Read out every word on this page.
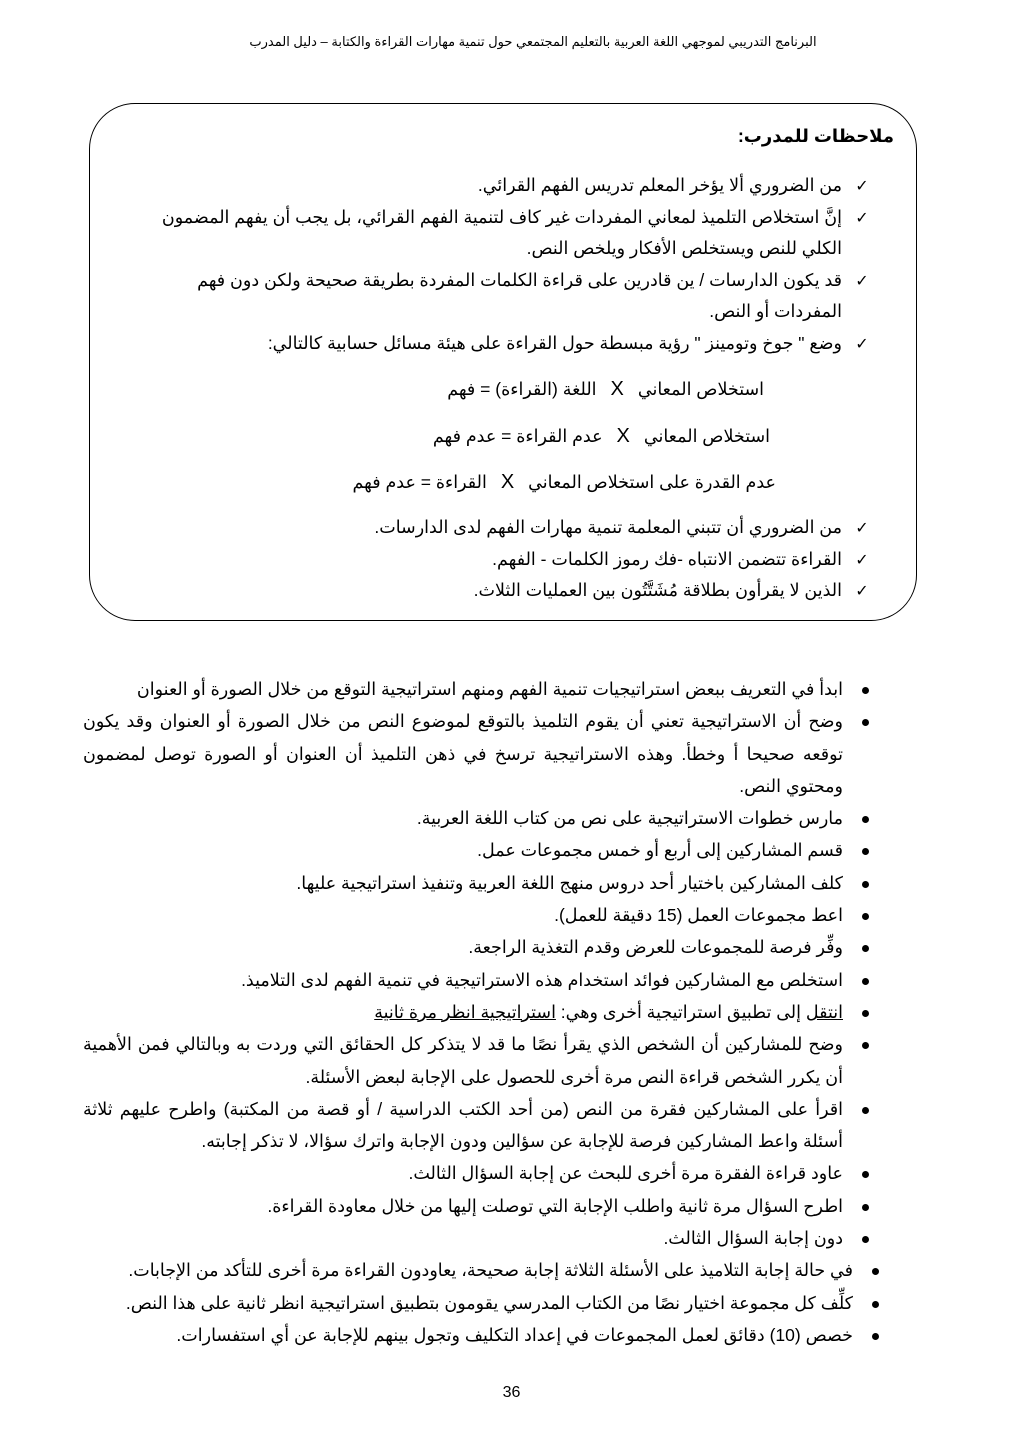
البرنامج التدريبي لموجهي اللغة العربية بالتعليم المجتمعي حول تنمية مهارات القراءة والكتابة – دليل المدرب
ملاحظات للمدرب:
✓
من الضروري ألا يؤخر المعلم تدريس الفهم القرائي.
✓
إنَّ استخلاص التلميذ لمعاني المفردات غير كاف لتنمية الفهم القرائي، بل يجب أن يفهم المضمون الكلي للنص ويستخلص الأفكار ويلخص النص.
✓
قد يكون الدارسات / ين قادرين على قراءة الكلمات المفردة بطريقة صحيحة ولكن دون فهم المفردات أو النص.
✓
وضع " جوخ وتومينز " رؤية مبسطة حول القراءة على هيئة مسائل حسابية كالتالي:
استخلاص المعانيXاللغة (القراءة) = فهم
استخلاص المعانيXعدم القراءة = عدم فهم
عدم القدرة على استخلاص المعانيXالقراءة = عدم فهم
✓
من الضروري أن تتبني المعلمة تنمية مهارات الفهم لدى الدارسات.
✓
القراءة تتضمن الانتباه -فك رموز الكلمات - الفهم.
✓
الذين لا يقرأون بطلاقة مُشَتَّتُون بين العمليات الثلاث.
ابدأ في التعريف ببعض استراتيجيات تنمية الفهم ومنهم استراتيجية التوقع من خلال الصورة أو العنوان
وضح أن الاستراتيجية تعني أن يقوم التلميذ بالتوقع لموضوع النص من خلال الصورة أو العنوان وقد يكون توقعه صحيحا أ وخطأ. وهذه الاستراتيجية ترسخ في ذهن التلميذ أن العنوان أو الصورة توصل لمضمون ومحتوي النص.
مارس خطوات الاستراتيجية على نص من كتاب اللغة العربية.
قسم المشاركين إلى أربع أو خمس مجموعات عمل.
كلف المشاركين باختيار أحد دروس منهج اللغة العربية وتنفيذ استراتيجية عليها.
اعط مجموعات العمل (15 دقيقة للعمل).
وفِّر فرصة للمجموعات للعرض وقدم التغذية الراجعة.
استخلص مع المشاركين فوائد استخدام هذه الاستراتيجية في تنمية الفهم لدى التلاميذ.
انتقل إلى تطبيق استراتيجية أخرى وهي: استراتيجية انظر مرة ثانية
وضح للمشاركين أن الشخص الذي يقرأ نصًا ما قد لا يتذكر كل الحقائق التي وردت به وبالتالي فمن الأهمية أن يكرر الشخص قراءة النص مرة أخرى للحصول على الإجابة لبعض الأسئلة.
اقرأ على المشاركين فقرة من النص (من أحد الكتب الدراسية / أو قصة من المكتبة) واطرح عليهم ثلاثة أسئلة واعط المشاركين فرصة للإجابة عن سؤالين ودون الإجابة واترك سؤالا، لا تذكر إجابته.
عاود قراءة الفقرة مرة أخرى للبحث عن إجابة السؤال الثالث.
اطرح السؤال مرة ثانية واطلب الإجابة التي توصلت إليها من خلال معاودة القراءة.
دون إجابة السؤال الثالث.
في حالة إجابة التلاميذ على الأسئلة الثلاثة إجابة صحيحة، يعاودون القراءة مرة أخرى للتأكد من الإجابات.
كلِّف كل مجموعة اختيار نصًا من الكتاب المدرسي يقومون بتطبيق استراتيجية انظر ثانية على هذا النص.
خصص (10) دقائق لعمل المجموعات في إعداد التكليف وتجول بينهم للإجابة عن أي استفسارات.
36
